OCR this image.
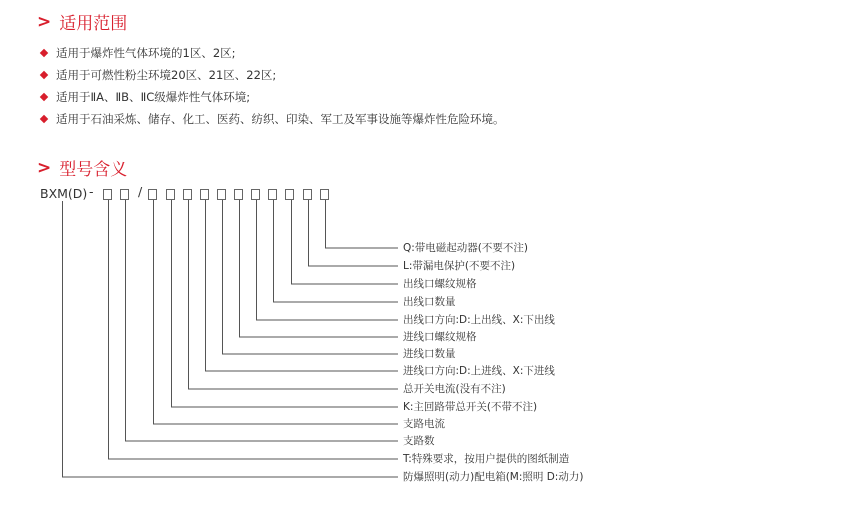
> 适用范围
适用于爆炸性气体环境的1区、2区;
适用于可燃性粉尘环境20区、21区、22区;
适用于ⅡA、ⅡB、ⅡC级爆炸性气体环境;
适用于石油采炼、储存、化工、医药、纺织、印染、军工及军事设施等爆炸性危险环境。
> 型号含义
BXM(D) -	/
Q:带电磁起动器(不要不注)
L:带漏电保护(不要不注)
出线口螺纹规格
出线口数量
出线口方向:D:上出线、X:下出线
进线口螺纹规格
进线口数量
进线口方向:D:上进线、X:下进线
总开关电流(没有不注)
K:主回路带总开关(不带不注)
支路电流
支路数
T:特殊要求，按用户提供的图纸制造
防爆照明(动力)配电箱(M:照明 D:动力)
